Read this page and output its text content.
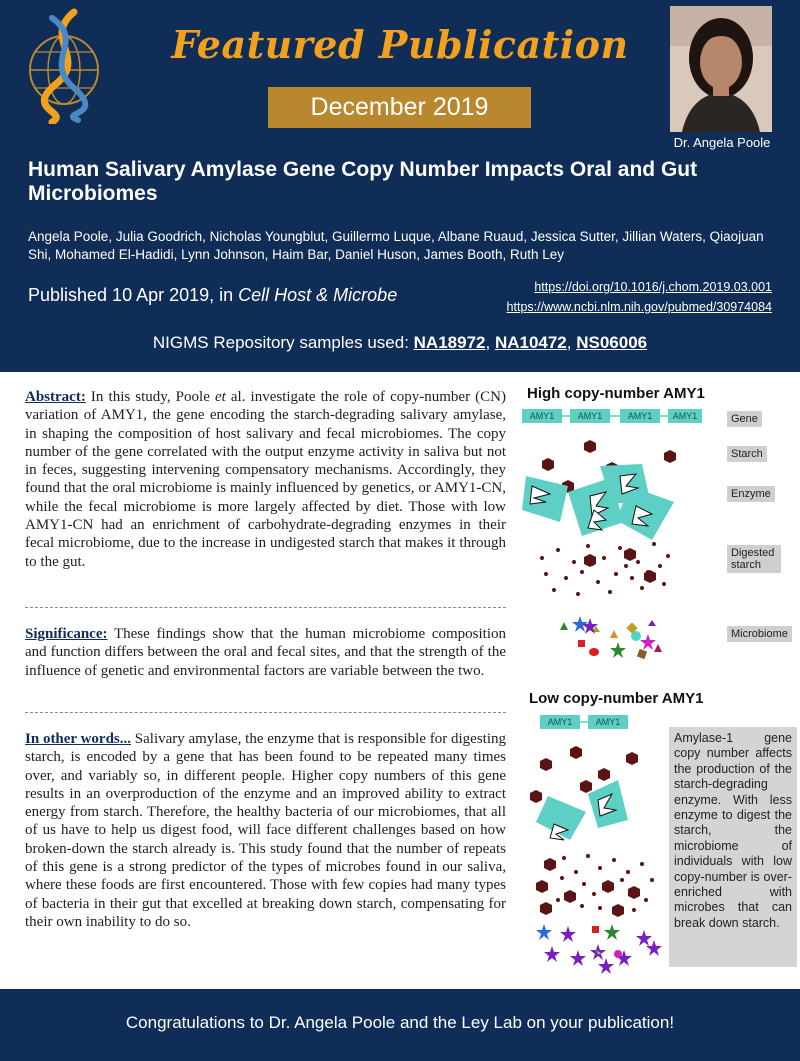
Featured Publication
December 2019
Dr. Angela Poole
Human Salivary Amylase Gene Copy Number Impacts Oral and Gut Microbiomes
Angela Poole, Julia Goodrich, Nicholas Youngblut, Guillermo Luque, Albane Ruaud, Jessica Sutter, Jillian Waters, Qiaojuan Shi, Mohamed El-Hadidi, Lynn Johnson, Haim Bar, Daniel Huson, James Booth, Ruth Ley
Published 10 Apr 2019, in Cell Host & Microbe	https://doi.org/10.1016/j.chom.2019.03.001
https://www.ncbi.nlm.nih.gov/pubmed/30974084
NIGMS Repository samples used: NA18972, NA10472, NS06006
Abstract: In this study, Poole et al. investigate the role of copy-number (CN) variation of AMY1, the gene encoding the starch-degrading salivary amylase, in shaping the composition of host salivary and fecal microbiomes. The copy number of the gene correlated with the output enzyme activity in saliva but not in feces, suggesting intervening compensatory mechanisms. Accordingly, they found that the oral microbiome is mainly influenced by genetics, or AMY1-CN, while the fecal microbiome is more largely affected by diet. Those with low AMY1-CN had an enrichment of carbohydrate-degrading enzymes in their fecal microbiome, due to the increase in undigested starch that makes it through to the gut.
Significance: These findings show that the human microbiome composition and function differs between the oral and fecal sites, and that the strength of the influence of genetic and environmental factors are variable between the two.
In other words... Salivary amylase, the enzyme that is responsible for digesting starch, is encoded by a gene that has been found to be repeated many times over, and variably so, in different people. Higher copy numbers of this gene results in an overproduction of the enzyme and an improved ability to extract energy from starch. Therefore, the healthy bacteria of our microbiomes, that all of us have to help us digest food, will face different challenges based on how broken-down the starch already is. This study found that the number of repeats of this gene is a strong predictor of the types of microbes found in our saliva, where these foods are first encountered. Those with few copies had many types of bacteria in their gut that excelled at breaking down starch, compensating for their own inability to do so.
High copy-number AMY1
AMY1	AMY1	AMY1	AMY1	Gene
Starch
Enzyme
Digested starch
Microbiome
Low copy-number AMY1
AMY1	AMY1
Amylase-1 gene copy number affects the production of the starch-degrading enzyme. With less enzyme to digest the starch, the microbiome of individuals with low copy-number is over-enriched with microbes that can break down starch.
Congratulations to Dr. Angela Poole and the Ley Lab on your publication!
